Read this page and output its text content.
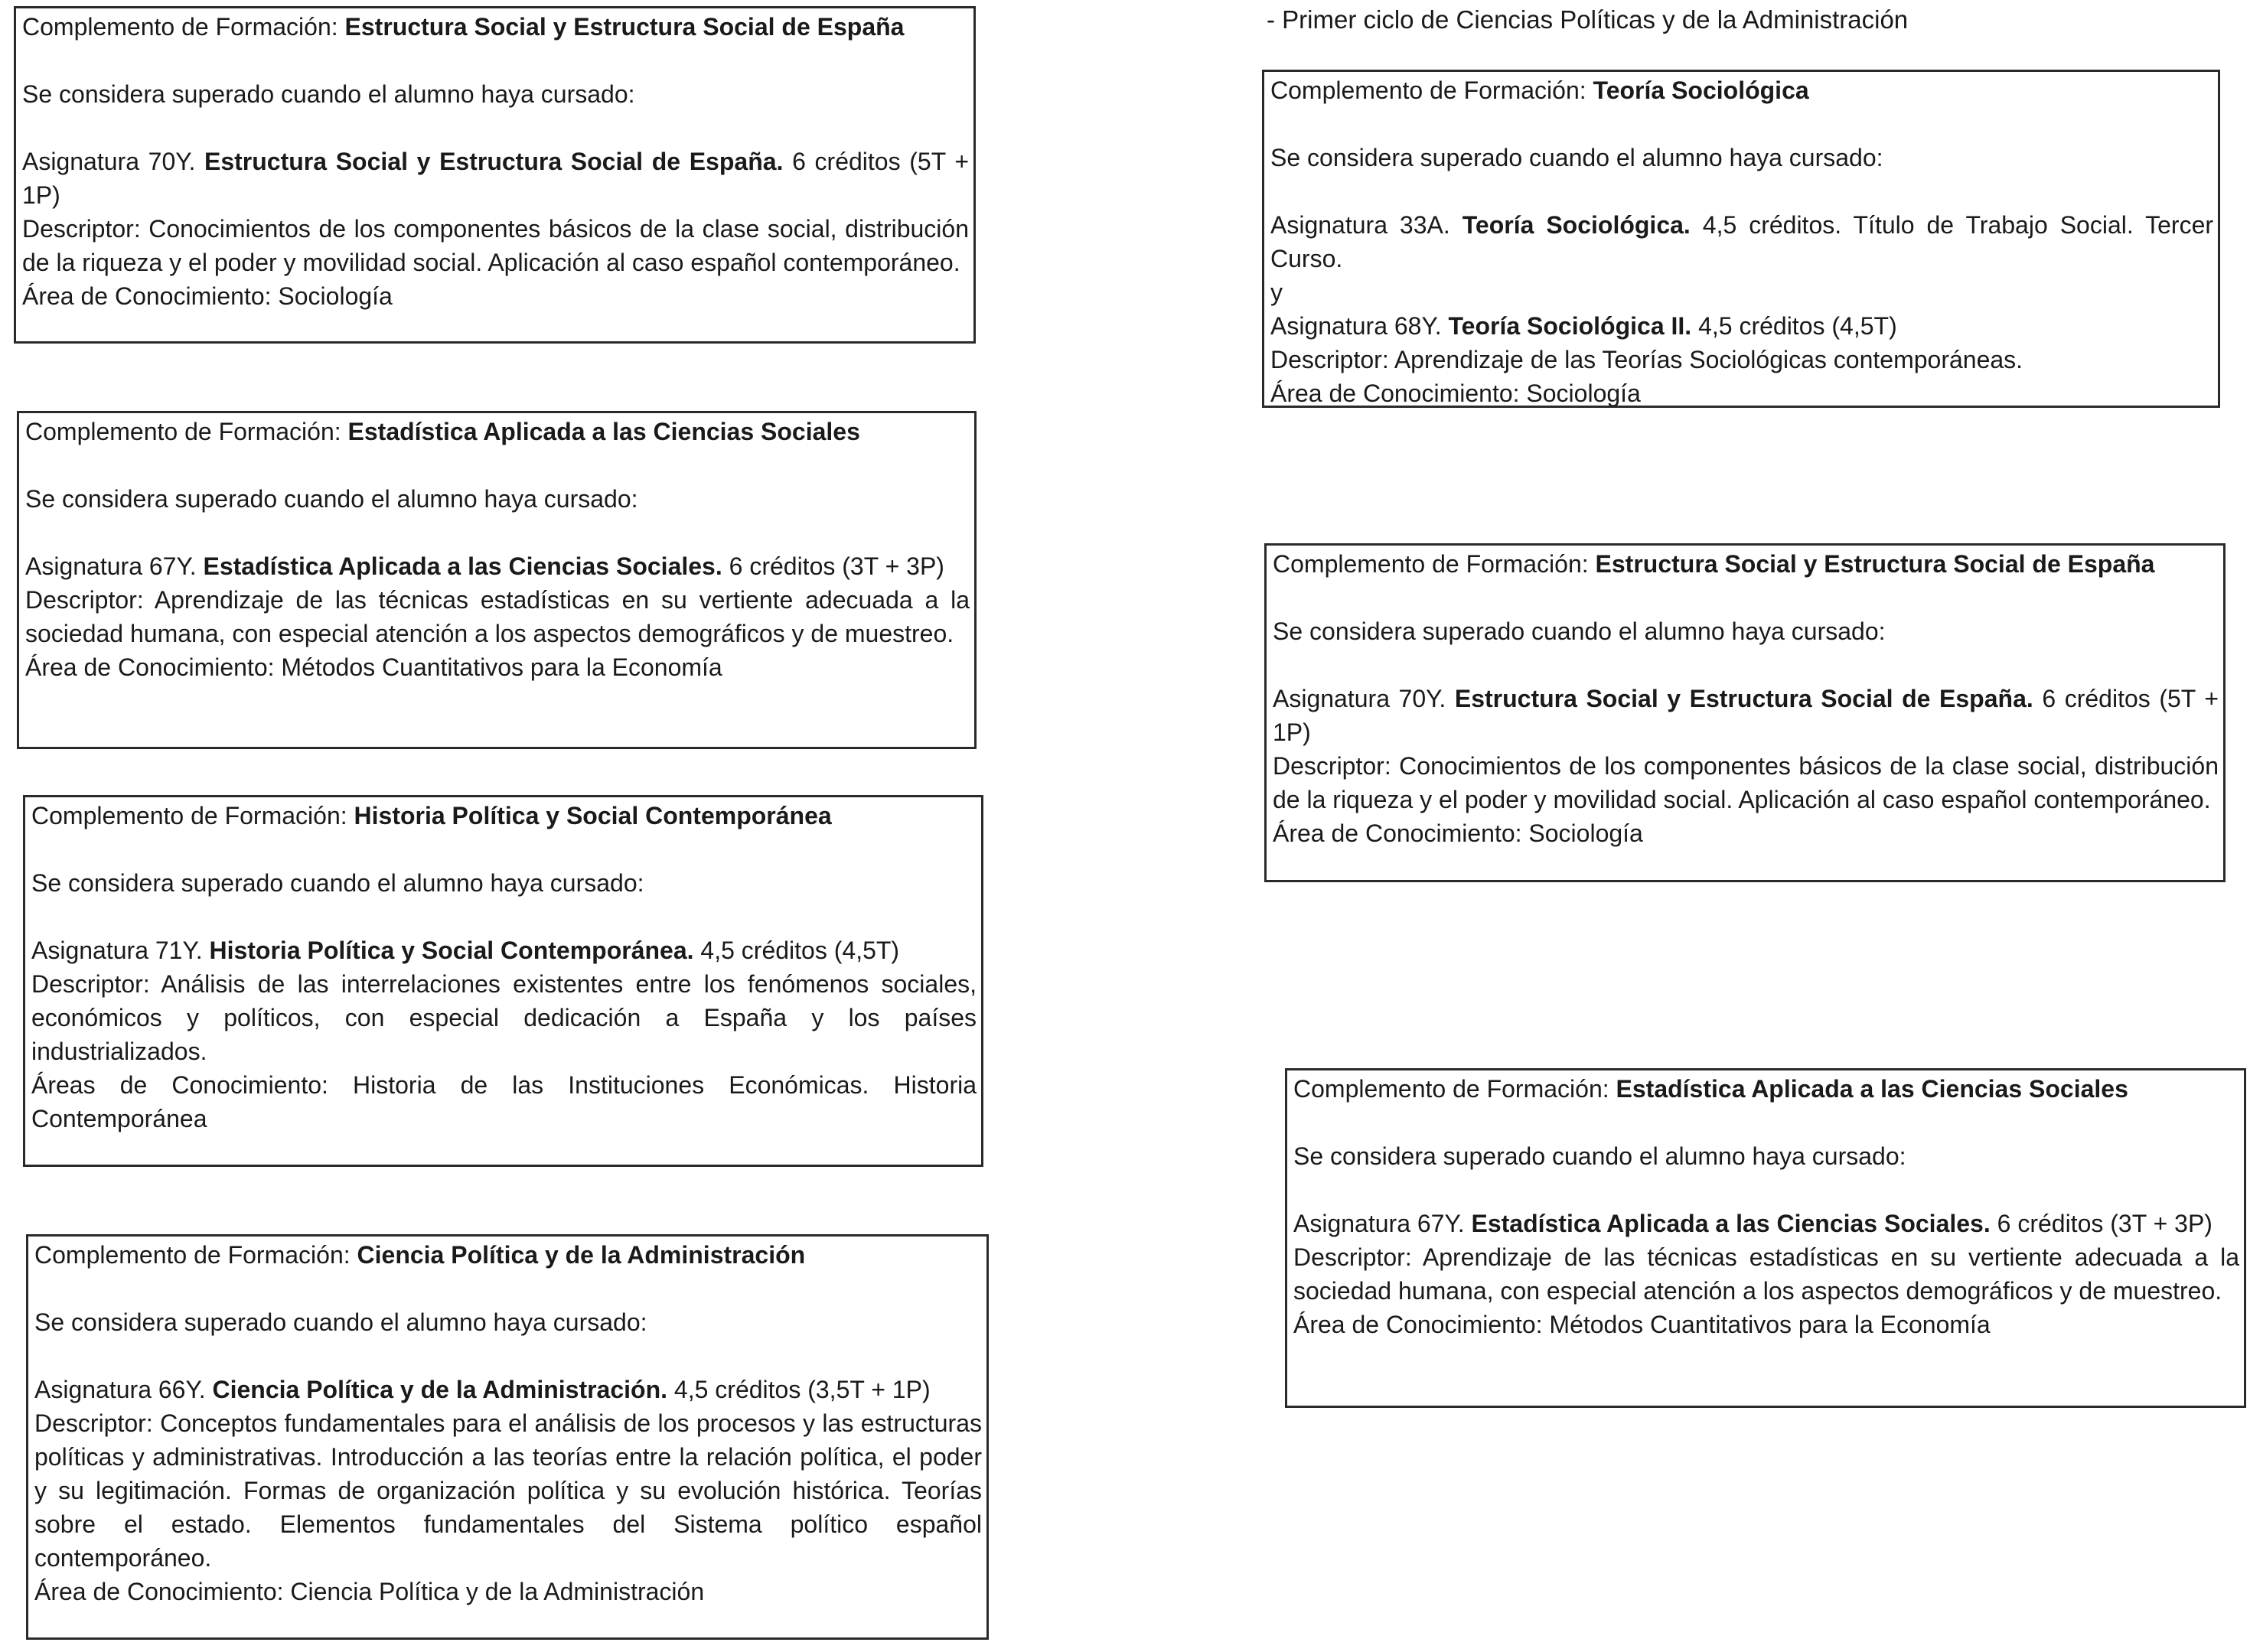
- Primer ciclo de Ciencias Políticas y de la Administración

Complemento de Formación: Estructura Social y Estructura Social de España

Se considera superado cuando el alumno haya cursado:

Asignatura 70Y. Estructura Social y Estructura Social de España. 6 créditos (5T + 1P)

Descriptor: Conocimientos de los componentes básicos de la clase social, distribución de la riqueza y el poder y movilidad social. Aplicación al caso español contemporáneo.

Área de Conocimiento: Sociología

Complemento de Formación: Estadística Aplicada a las Ciencias Sociales

Se considera superado cuando el alumno haya cursado:

Asignatura 67Y. Estadística Aplicada a las Ciencias Sociales. 6 créditos (3T + 3P)

Descriptor: Aprendizaje de las técnicas estadísticas en su vertiente adecuada a la sociedad humana, con especial atención a los aspectos demográficos y de muestreo.

Área de Conocimiento: Métodos Cuantitativos para la Economía

Complemento de Formación: Historia Política y Social Contemporánea

Se considera superado cuando el alumno haya cursado:

Asignatura 71Y. Historia Política y Social Contemporánea. 4,5 créditos (4,5T)

Descriptor: Análisis de las interrelaciones existentes entre los fenómenos sociales, económicos y políticos, con especial dedicación a España y los países industrializados.

Áreas de Conocimiento: Historia de las Instituciones Económicas. Historia Contemporánea

Complemento de Formación: Ciencia Política y de la Administración

Se considera superado cuando el alumno haya cursado:

Asignatura 66Y. Ciencia Política y de la Administración. 4,5 créditos (3,5T + 1P)

Descriptor: Conceptos fundamentales para el análisis de los procesos y las estructuras políticas y administrativas. Introducción a las teorías entre la relación política, el poder y su legitimación. Formas de organización política y su evolución histórica. Teorías sobre el estado. Elementos fundamentales del Sistema político español contemporáneo.

Área de Conocimiento: Ciencia Política y de la Administración

Complemento de Formación: Teoría Sociológica

Se considera superado cuando el alumno haya cursado:

Asignatura 33A. Teoría Sociológica. 4,5 créditos. Título de Trabajo Social. Tercer Curso.

y

Asignatura 68Y. Teoría Sociológica II. 4,5 créditos (4,5T)

Descriptor: Aprendizaje de las Teorías Sociológicas contemporáneas.

Área de Conocimiento: Sociología

Complemento de Formación: Estructura Social y Estructura Social de España

Se considera superado cuando el alumno haya cursado:

Asignatura 70Y. Estructura Social y Estructura Social de España. 6 créditos (5T + 1P)

Descriptor: Conocimientos de los componentes básicos de la clase social, distribución de la riqueza y el poder y movilidad social. Aplicación al caso español contemporáneo.

Área de Conocimiento: Sociología

Complemento de Formación: Estadística Aplicada a las Ciencias Sociales

Se considera superado cuando el alumno haya cursado:

Asignatura 67Y. Estadística Aplicada a las Ciencias Sociales. 6 créditos (3T + 3P)

Descriptor: Aprendizaje de las técnicas estadísticas en su vertiente adecuada a la sociedad humana, con especial atención a los aspectos demográficos y de muestreo.

Área de Conocimiento: Métodos Cuantitativos para la Economía
